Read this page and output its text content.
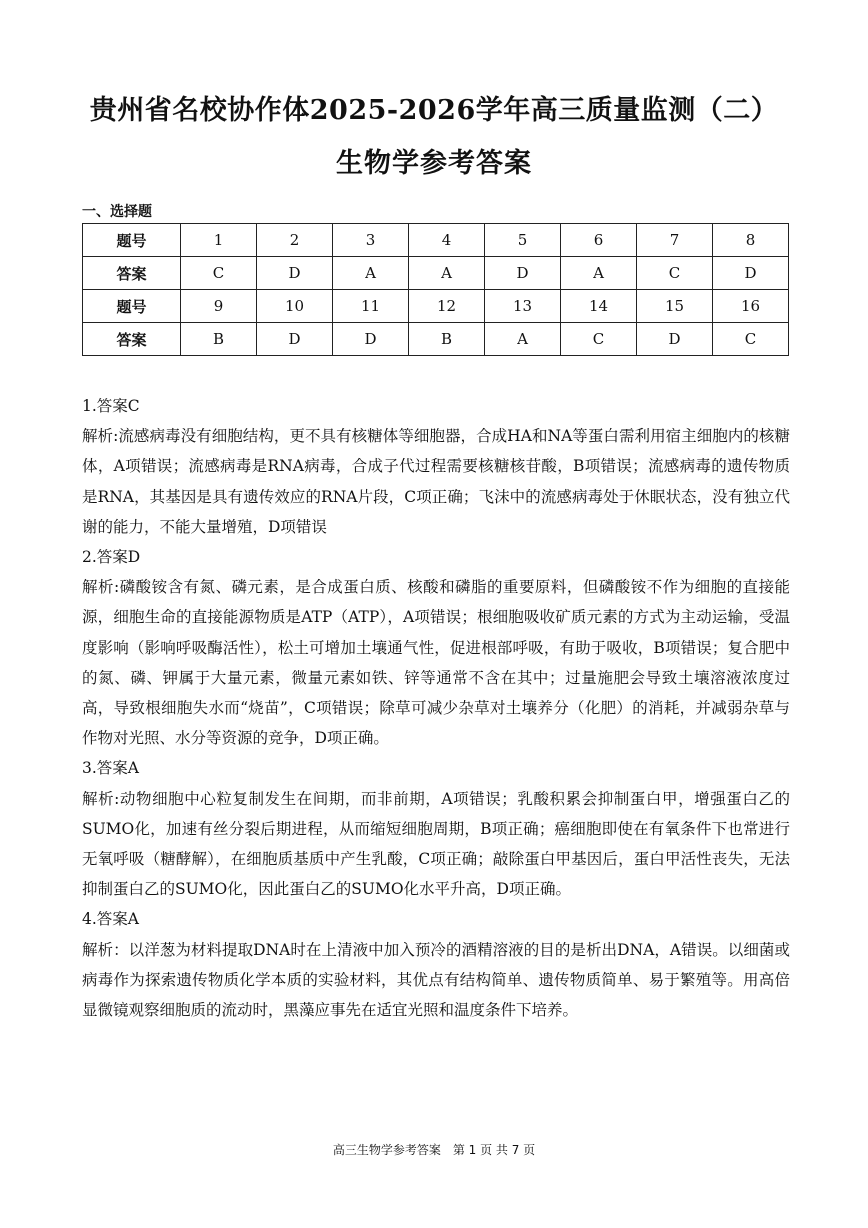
贵州省名校协作体2025-2026学年高三质量监测（二）
生物学参考答案
一、选择题
题号	1	2	3	4	5	6	7	8
答案	C	D	A	A	D	A	C	D
题号	9	10	11	12	13	14	15	16
答案	B	D	D	B	A	C	D	C

1.答案C

解析:流感病毒没有细胞结构，更不具有核糖体等细胞器，合成HA和NA等蛋白需利用宿主细胞内的核糖体，A项错误；流感病毒是RNA病毒，合成子代过程需要核糖核苷酸，B项错误；流感病毒的遗传物质是RNA，其基因是具有遗传效应的RNA片段，C项正确；飞沫中的流感病毒处于休眠状态，没有独立代谢的能力，不能大量增殖，D项错误

2.答案D

解析:磷酸铵含有氮、磷元素，是合成蛋白质、核酸和磷脂的重要原料，但磷酸铵不作为细胞的直接能源，细胞生命的直接能源物质是ATP（ATP），A项错误；根细胞吸收矿质元素的方式为主动运输，受温度影响（影响呼吸酶活性），松土可增加土壤通气性，促进根部呼吸，有助于吸收，B项错误；复合肥中的氮、磷、钾属于大量元素，微量元素如铁、锌等通常不含在其中；过量施肥会导致土壤溶液浓度过高，导致根细胞失水而“烧苗”，C项错误；除草可减少杂草对土壤养分（化肥）的消耗，并减弱杂草与作物对光照、水分等资源的竞争，D项正确。

3.答案A

解析:动物细胞中心粒复制发生在间期，而非前期，A项错误；乳酸积累会抑制蛋白甲，增强蛋白乙的SUMO化，加速有丝分裂后期进程，从而缩短细胞周期，B项正确；癌细胞即使在有氧条件下也常进行无氧呼吸（糖酵解），在细胞质基质中产生乳酸，C项正确；敲除蛋白甲基因后，蛋白甲活性丧失，无法抑制蛋白乙的SUMO化，因此蛋白乙的SUMO化水平升高，D项正确。

4.答案A

解析：以洋葱为材料提取DNA时在上清液中加入预冷的酒精溶液的目的是析出DNA，A错误。以细菌或病毒作为探索遗传物质化学本质的实验材料，其优点有结构简单、遗传物质简单、易于繁殖等。用高倍显微镜观察细胞质的流动时，黑藻应事先在适宜光照和温度条件下培养。

高三生物学参考答案　第 1 页 共 7 页
